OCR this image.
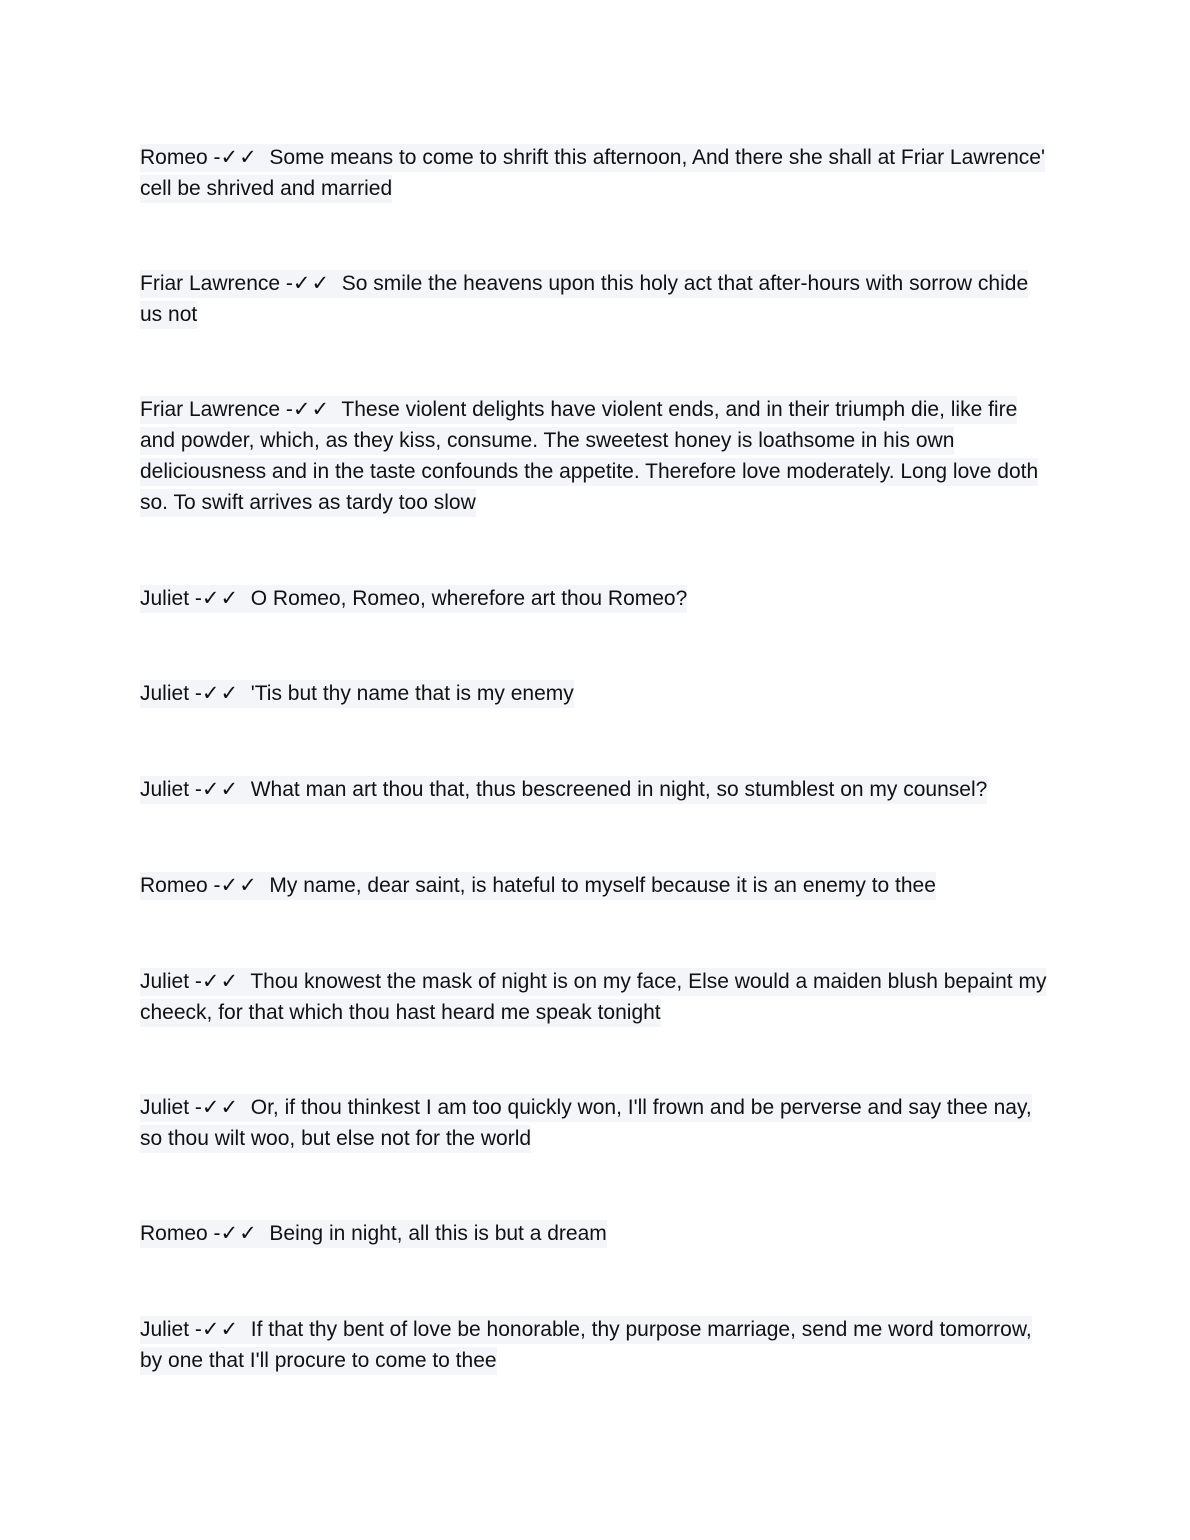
Romeo -✓✓ Some means to come to shrift this afternoon, And there she shall at Friar Lawrence' cell be shrived and married

Friar Lawrence -✓✓ So smile the heavens upon this holy act that after-hours with sorrow chide us not

Friar Lawrence -✓✓ These violent delights have violent ends, and in their triumph die, like fire and powder, which, as they kiss, consume. The sweetest honey is loathsome in his own deliciousness and in the taste confounds the appetite. Therefore love moderately. Long love doth so. To swift arrives as tardy too slow

Juliet -✓✓ O Romeo, Romeo, wherefore art thou Romeo?

Juliet -✓✓ 'Tis but thy name that is my enemy

Juliet -✓✓ What man art thou that, thus bescreened in night, so stumblest on my counsel?

Romeo -✓✓ My name, dear saint, is hateful to myself because it is an enemy to thee

Juliet -✓✓ Thou knowest the mask of night is on my face, Else would a maiden blush bepaint my cheeck, for that which thou hast heard me speak tonight

Juliet -✓✓ Or, if thou thinkest I am too quickly won, I'll frown and be perverse and say thee nay, so thou wilt woo, but else not for the world

Romeo -✓✓ Being in night, all this is but a dream

Juliet -✓✓ If that thy bent of love be honorable, thy purpose marriage, send me word tomorrow, by one that I'll procure to come to thee
